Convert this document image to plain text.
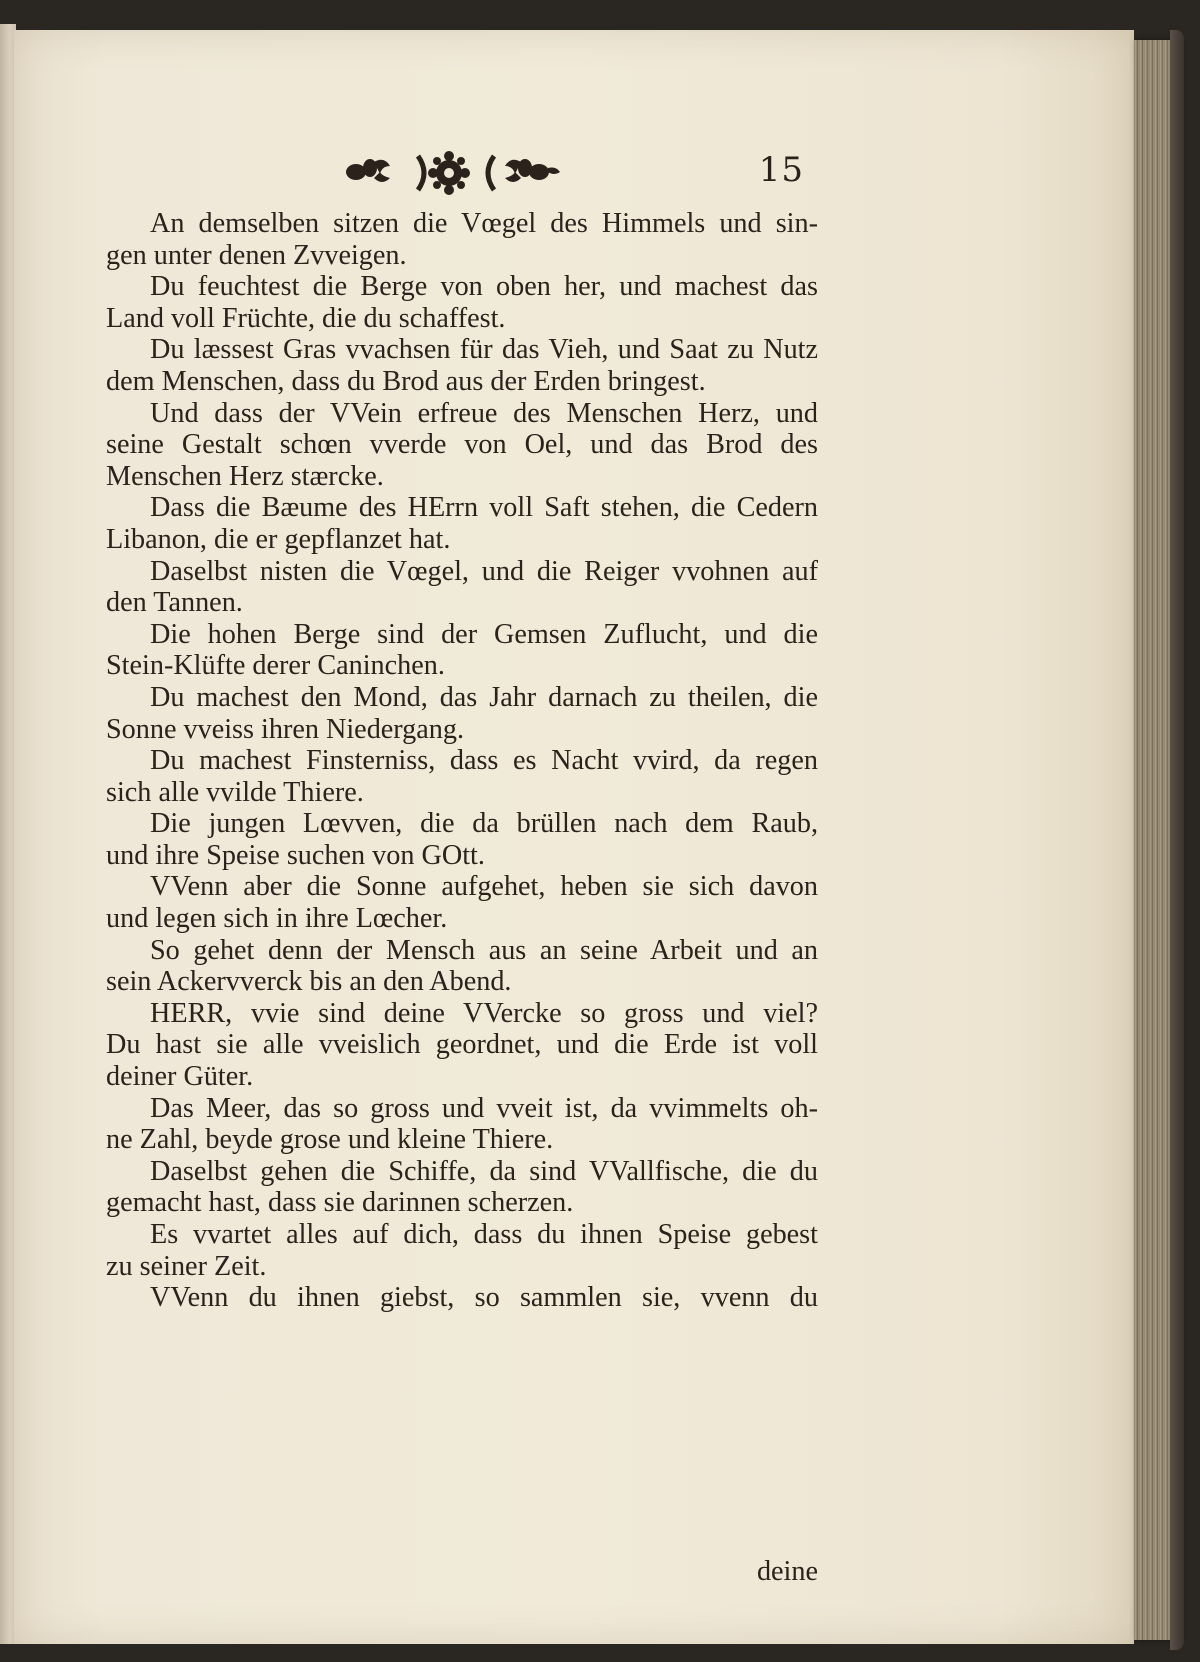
15
An demselben sitzen die Vœgel des Himmels und sin-
gen unter denen Zvveigen.
Du feuchtest die Berge von oben her, und machest das
Land voll Früchte, die du schaffest.
Du læssest Gras vvachsen für das Vieh, und Saat zu Nutz
dem Menschen, dass du Brod aus der Erden bringest.
Und dass der VVein erfreue des Menschen Herz, und
seine Gestalt schœn vverde von Oel, und das Brod des
Menschen Herz stærcke.
Dass die Bæume des HErrn voll Saft stehen, die Cedern
Libanon, die er gepflanzet hat.
Daselbst nisten die Vœgel, und die Reiger vvohnen auf
den Tannen.
Die hohen Berge sind der Gemsen Zuflucht, und die
Stein-Klüfte derer Caninchen.
Du machest den Mond, das Jahr darnach zu theilen, die
Sonne vveiss ihren Niedergang.
Du machest Finsterniss, dass es Nacht vvird, da regen
sich alle vvilde Thiere.
Die jungen Lœvven, die da brüllen nach dem Raub,
und ihre Speise suchen von GOtt.
VVenn aber die Sonne aufgehet, heben sie sich davon
und legen sich in ihre Lœcher.
So gehet denn der Mensch aus an seine Arbeit und an
sein Ackervverck bis an den Abend.
HERR, vvie sind deine VVercke so gross und viel?
Du hast sie alle vveislich geordnet, und die Erde ist voll
deiner Güter.
Das Meer, das so gross und vveit ist, da vvimmelts oh-
ne Zahl, beyde grose und kleine Thiere.
Daselbst gehen die Schiffe, da sind VVallfische, die du
gemacht hast, dass sie darinnen scherzen.
Es vvartet alles auf dich, dass du ihnen Speise gebest
zu seiner Zeit.
VVenn du ihnen giebst, so sammlen sie, vvenn du
deine
